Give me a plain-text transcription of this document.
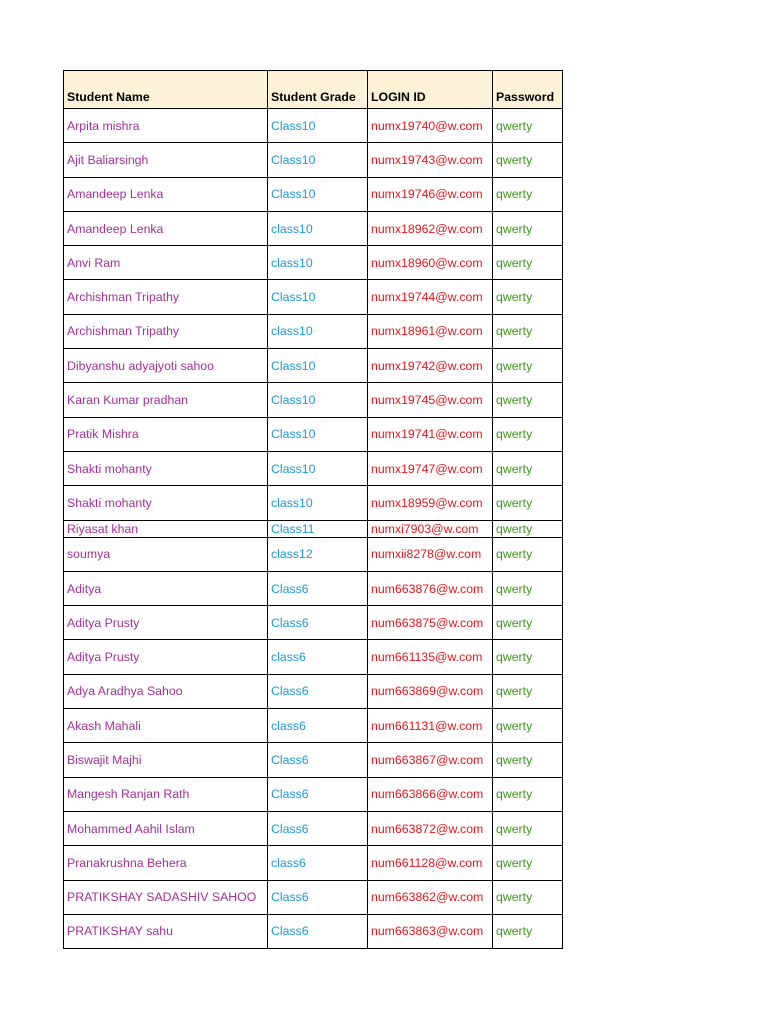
Student Name	Student Grade	LOGIN ID	Password
Arpita mishra	Class10	numx19740@w.com	qwerty
Ajit Baliarsingh	Class10	numx19743@w.com	qwerty
Amandeep Lenka	Class10	numx19746@w.com	qwerty
Amandeep Lenka	class10	numx18962@w.com	qwerty
Anvi Ram	class10	numx18960@w.com	qwerty
Archishman Tripathy	Class10	numx19744@w.com	qwerty
Archishman Tripathy	class10	numx18961@w.com	qwerty
Dibyanshu adyajyoti sahoo	Class10	numx19742@w.com	qwerty
Karan Kumar pradhan	Class10	numx19745@w.com	qwerty
Pratik Mishra	Class10	numx19741@w.com	qwerty
Shakti mohanty	Class10	numx19747@w.com	qwerty
Shakti mohanty	class10	numx18959@w.com	qwerty
Riyasat khan	Class11	numxi7903@w.com	qwerty
soumya	class12	numxii8278@w.com	qwerty
Aditya	Class6	num663876@w.com	qwerty
Aditya Prusty	Class6	num663875@w.com	qwerty
Aditya Prusty	class6	num661135@w.com	qwerty
Adya Aradhya Sahoo	Class6	num663869@w.com	qwerty
Akash Mahali	class6	num661131@w.com	qwerty
Biswajit Majhi	Class6	num663867@w.com	qwerty
Mangesh Ranjan Rath	Class6	num663866@w.com	qwerty
Mohammed Aahil Islam	Class6	num663872@w.com	qwerty
Pranakrushna Behera	class6	num661128@w.com	qwerty
PRATIKSHAY SADASHIV SAHOO	Class6	num663862@w.com	qwerty
PRATIKSHAY sahu	Class6	num663863@w.com	qwerty
